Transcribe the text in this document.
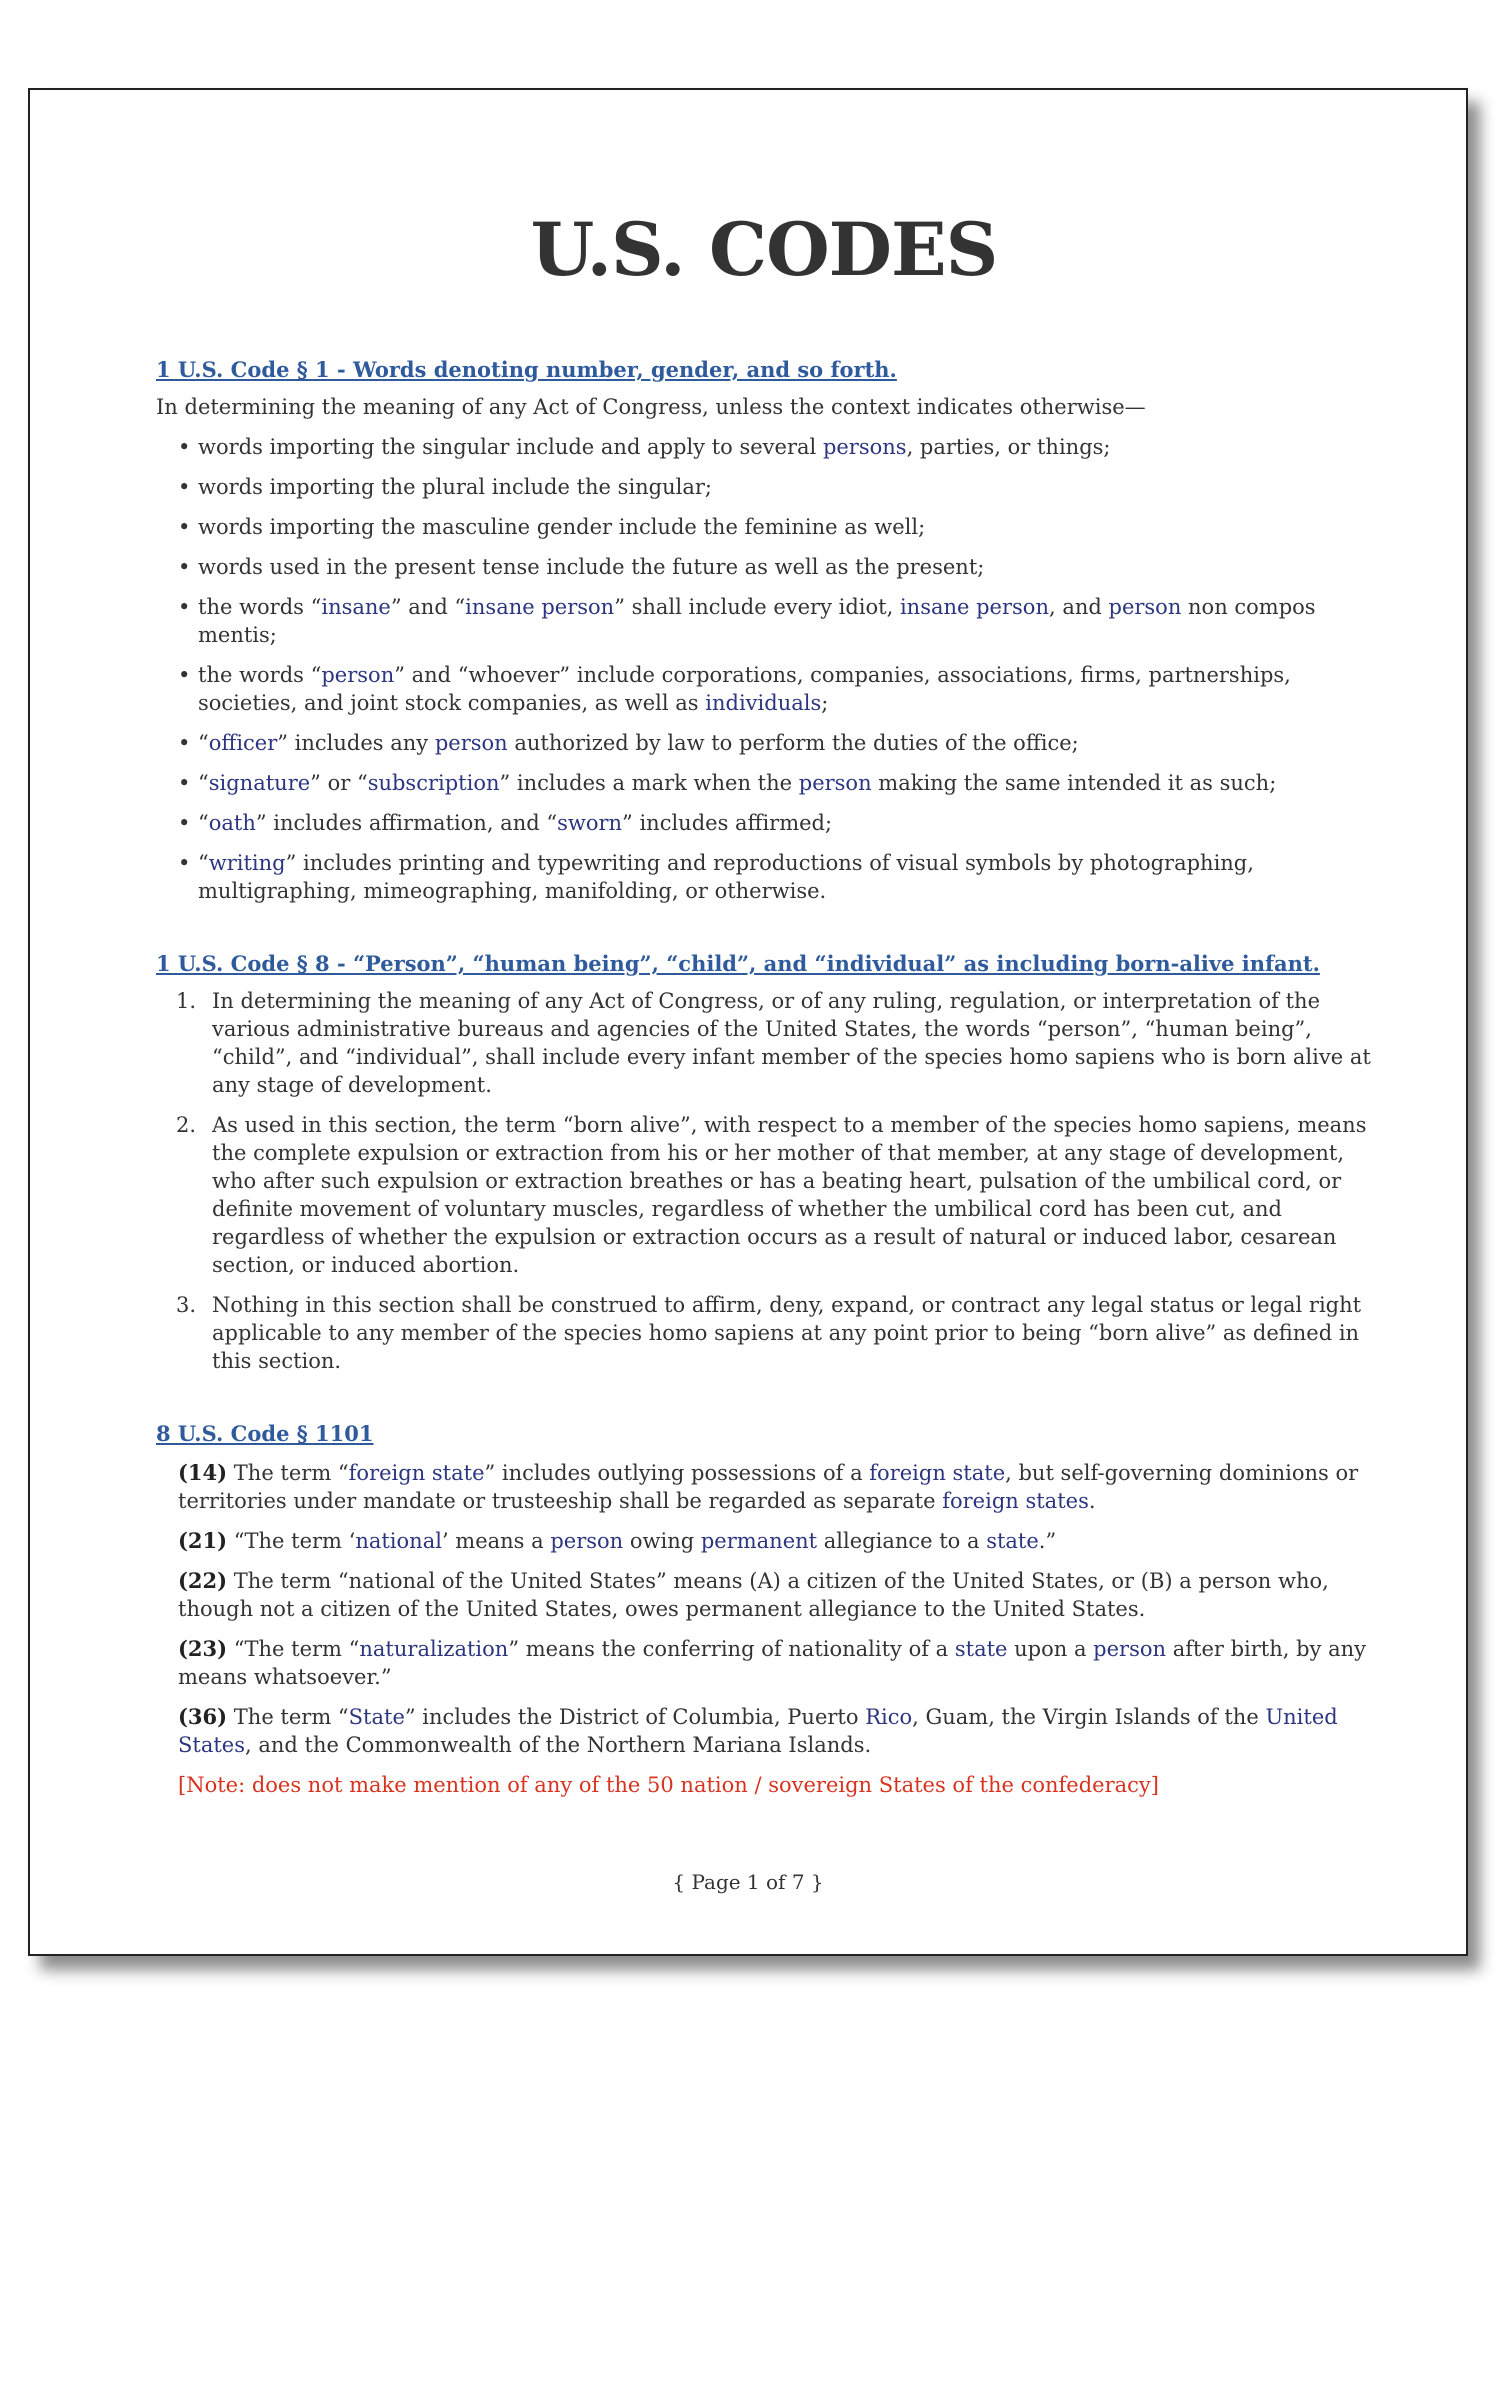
U.S. CODES
1 U.S. Code § 1 - Words denoting number, gender, and so forth.
In determining the meaning of any Act of Congress, unless the context indicates otherwise—
• words importing the singular include and apply to several persons, parties, or things;
• words importing the plural include the singular;
• words importing the masculine gender include the feminine as well;
• words used in the present tense include the future as well as the present;
• the words “insane” and “insane person” shall include every idiot, insane person, and person non compos mentis;
• the words “person” and “whoever” include corporations, companies, associations, firms, partnerships, societies, and joint stock companies, as well as individuals;
• “officer” includes any person authorized by law to perform the duties of the office;
• “signature” or “subscription” includes a mark when the person making the same intended it as such;
• “oath” includes affirmation, and “sworn” includes affirmed;
• “writing” includes printing and typewriting and reproductions of visual symbols by photographing, multigraphing, mimeographing, manifolding, or otherwise.
1 U.S. Code § 8 - “Person”, “human being”, “child”, and “individual” as including born-alive infant.
1. In determining the meaning of any Act of Congress, or of any ruling, regulation, or interpretation of the various administrative bureaus and agencies of the United States, the words “person”, “human being”, “child”, and “individual”, shall include every infant member of the species homo sapiens who is born alive at any stage of development.
2. As used in this section, the term “born alive”, with respect to a member of the species homo sapiens, means the complete expulsion or extraction from his or her mother of that member, at any stage of development, who after such expulsion or extraction breathes or has a beating heart, pulsation of the umbilical cord, or definite movement of voluntary muscles, regardless of whether the umbilical cord has been cut, and regardless of whether the expulsion or extraction occurs as a result of natural or induced labor, cesarean section, or induced abortion.
3. Nothing in this section shall be construed to affirm, deny, expand, or contract any legal status or legal right applicable to any member of the species homo sapiens at any point prior to being “born alive” as defined in this section.
8 U.S. Code § 1101
(14) The term “foreign state” includes outlying possessions of a foreign state, but self-governing dominions or territories under mandate or trusteeship shall be regarded as separate foreign states.
(21) “The term ‘national’ means a person owing permanent allegiance to a state.”
(22) The term “national of the United States” means (A) a citizen of the United States, or (B) a person who, though not a citizen of the United States, owes permanent allegiance to the United States.
(23) “The term “naturalization” means the conferring of nationality of a state upon a person after birth, by any means whatsoever.”
(36) The term “State” includes the District of Columbia, Puerto Rico, Guam, the Virgin Islands of the United States, and the Commonwealth of the Northern Mariana Islands.
[Note: does not make mention of any of the 50 nation / sovereign States of the confederacy]
{ Page 1 of 7 }
